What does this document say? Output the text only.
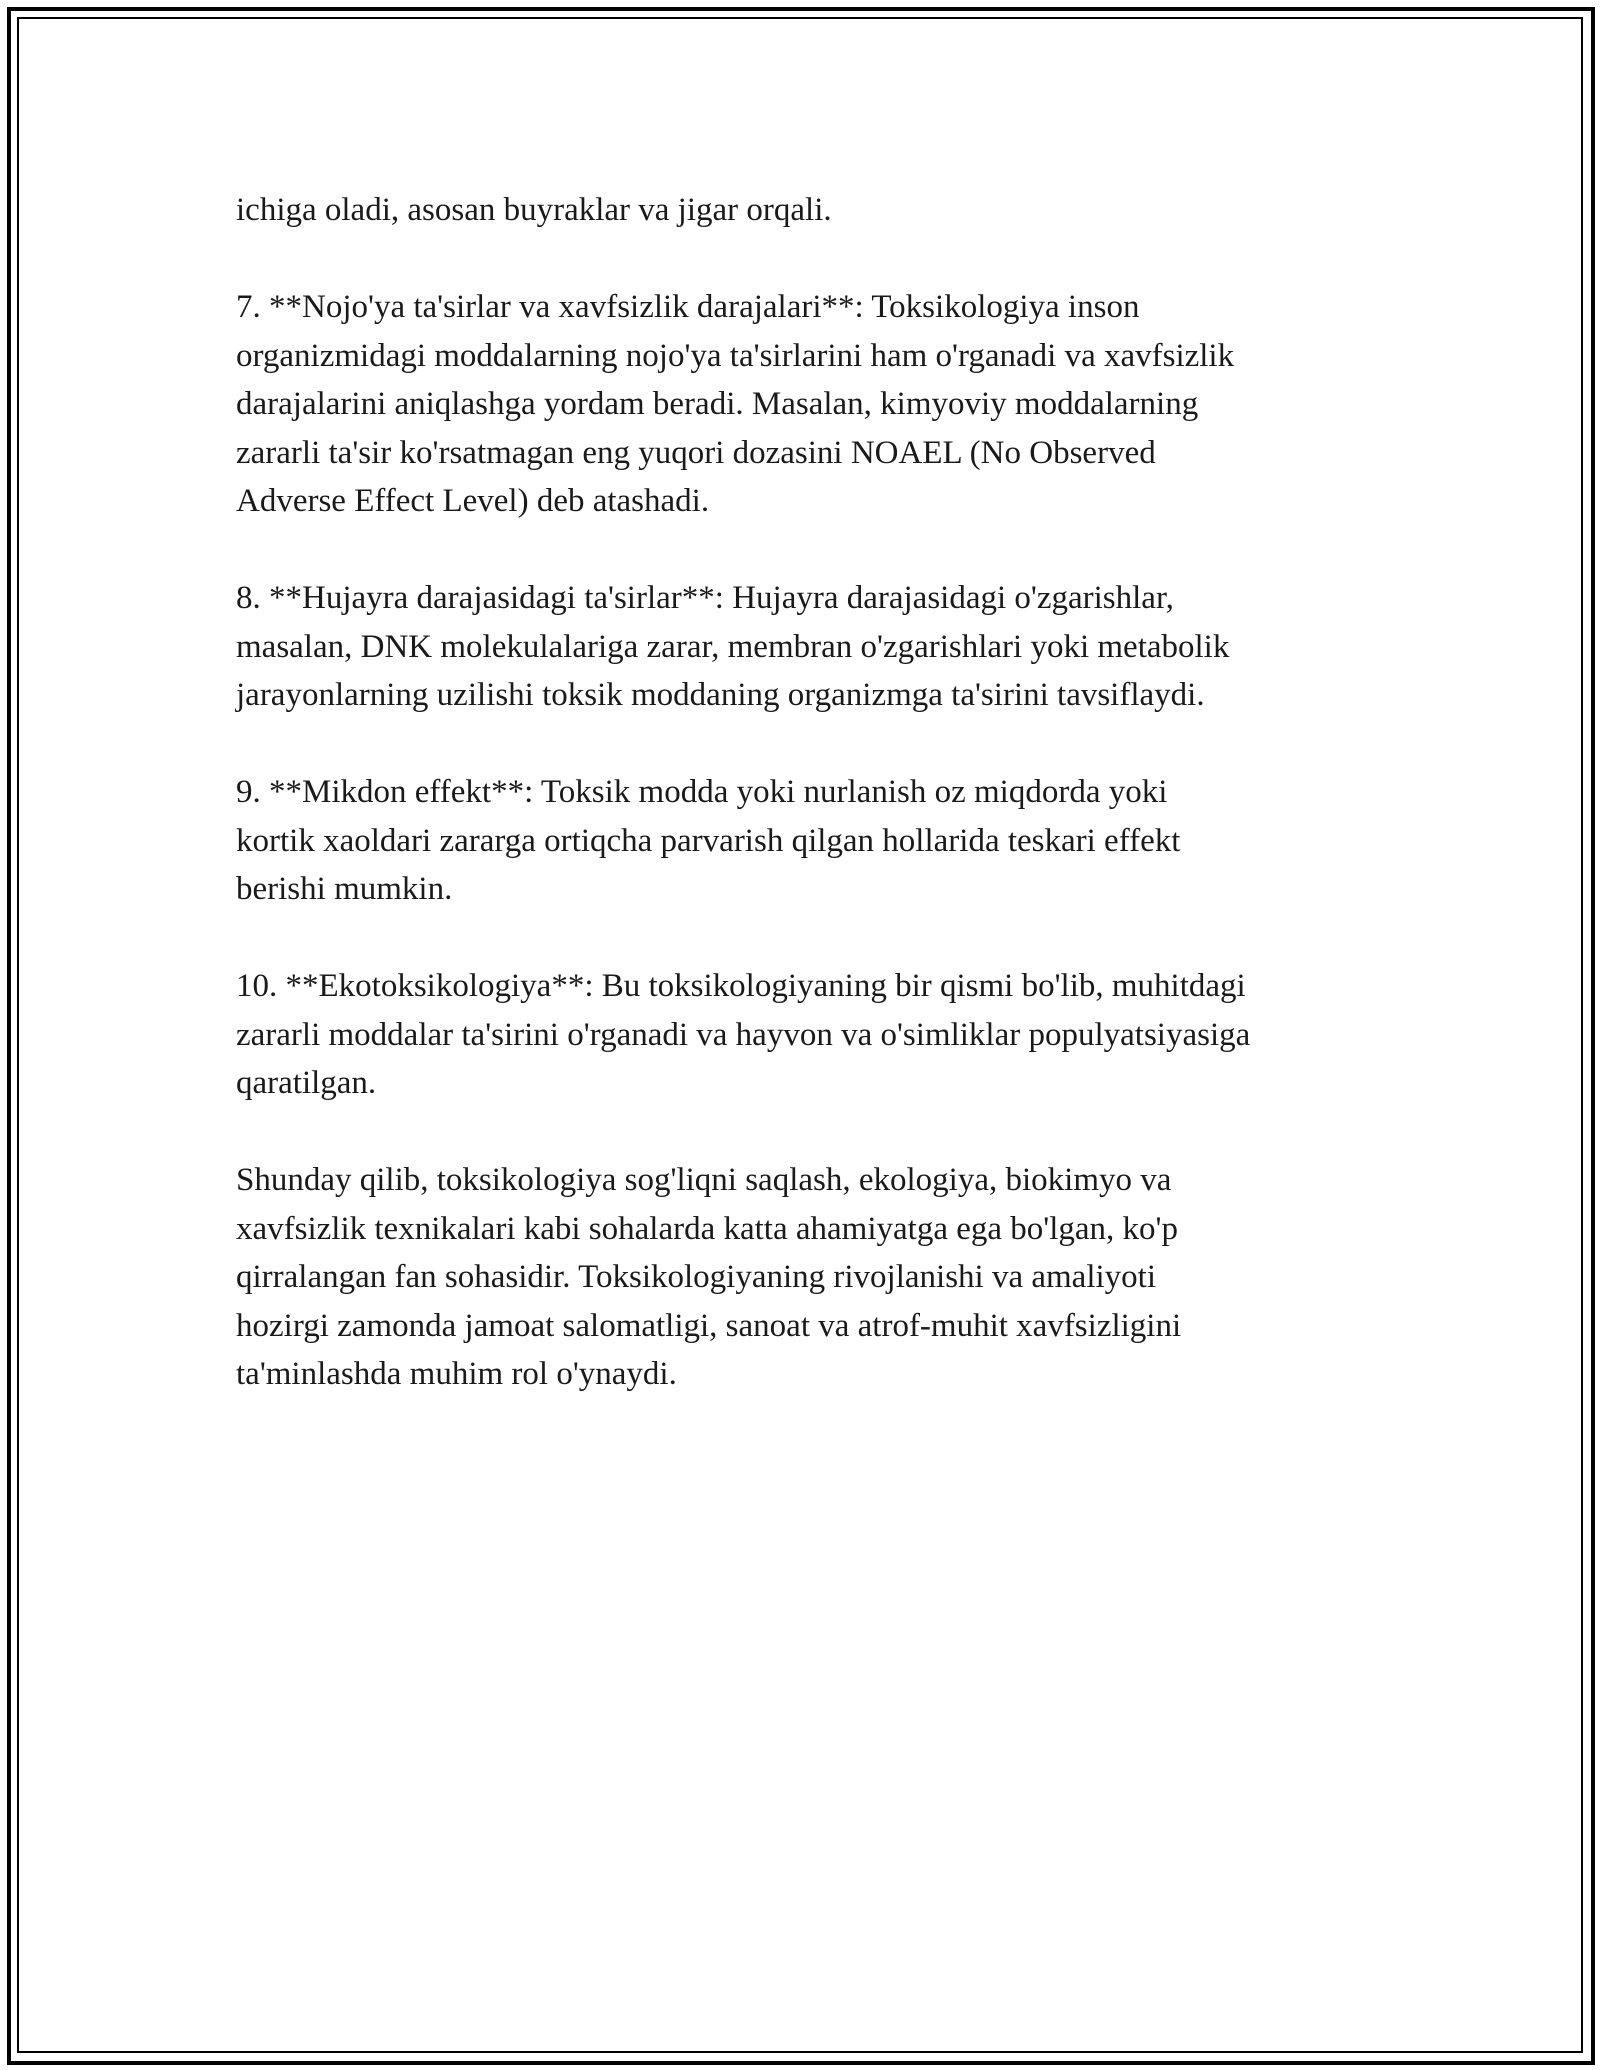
ichiga oladi, asosan buyraklar va jigar orqali.

7. **Nojo'ya ta'sirlar va xavfsizlik darajalari**: Toksikologiya inson
organizmidagi moddalarning nojo'ya ta'sirlarini ham o'rganadi va xavfsizlik
darajalarini aniqlashga yordam beradi. Masalan, kimyoviy moddalarning
zararli ta'sir ko'rsatmagan eng yuqori dozasini NOAEL (No Observed
Adverse Effect Level) deb atashadi.

8. **Hujayra darajasidagi ta'sirlar**: Hujayra darajasidagi o'zgarishlar,
masalan, DNK molekulalariga zarar, membran o'zgarishlari yoki metabolik
jarayonlarning uzilishi toksik moddaning organizmga ta'sirini tavsiflaydi.

9. **Mikdon effekt**: Toksik modda yoki nurlanish oz miqdorda yoki
kortik xaoldari zararga ortiqcha parvarish qilgan hollarida teskari effekt
berishi mumkin.

10. **Ekotoksikologiya**: Bu toksikologiyaning bir qismi bo'lib, muhitdagi
zararli moddalar ta'sirini o'rganadi va hayvon va o'simliklar populyatsiyasiga
qaratilgan.

Shunday qilib, toksikologiya sog'liqni saqlash, ekologiya, biokimyo va
xavfsizlik texnikalari kabi sohalarda katta ahamiyatga ega bo'lgan, ko'p
qirralangan fan sohasidir. Toksikologiyaning rivojlanishi va amaliyoti
hozirgi zamonda jamoat salomatligi, sanoat va atrof-muhit xavfsizligini
ta'minlashda muhim rol o'ynaydi.
